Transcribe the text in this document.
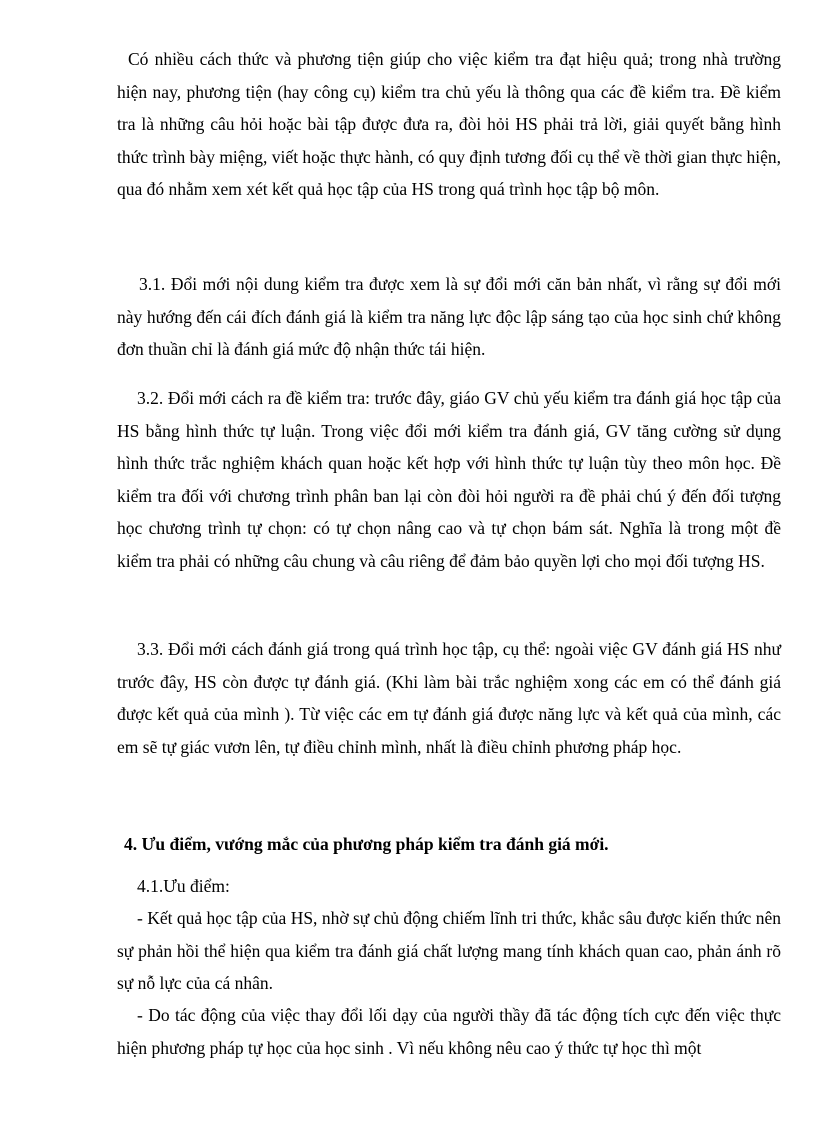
Có nhiều cách thức và phương tiện giúp cho việc kiểm tra đạt hiệu quả; trong nhà trường hiện nay, phương tiện (hay công cụ) kiểm tra chủ yếu là thông qua các đề kiểm tra. Đề kiểm tra là những câu hỏi hoặc bài tập được đưa ra, đòi hỏi HS phải trả lời, giải quyết bằng hình thức trình bày miệng, viết hoặc thực hành, có quy định tương đối cụ thể về thời gian thực hiện, qua đó nhằm xem xét kết quả học tập của HS trong quá trình học tập bộ môn.

3.1. Đổi mới nội dung kiểm tra được xem là sự đổi mới căn bản nhất, vì rằng sự đổi mới này hướng đến cái đích đánh giá là kiểm tra năng lực độc lập sáng tạo của học sinh chứ không đơn thuần chỉ là đánh giá mức độ nhận thức tái hiện.

3.2. Đổi mới cách ra đề kiểm tra: trước đây, giáo GV chủ yếu kiểm tra đánh giá học tập của HS bằng hình thức tự luận. Trong việc đổi mới kiểm tra đánh giá, GV tăng cường sử dụng hình thức trắc nghiệm khách quan hoặc kết hợp với hình thức tự luận tùy theo môn học. Đề kiểm tra đối với chương trình phân ban lại còn đòi hỏi người ra đề phải chú ý đến đối tượng học chương trình tự chọn: có tự chọn nâng cao và tự chọn bám sát. Nghĩa là trong một đề kiểm tra phải có những câu chung và câu riêng để đảm bảo quyền lợi cho mọi đối tượng HS.

3.3. Đổi mới cách đánh giá trong quá trình học tập, cụ thể: ngoài việc GV đánh giá HS như trước đây, HS còn được tự đánh giá. (Khi làm bài trắc nghiệm xong các em có thể đánh giá được kết quả của mình ). Từ việc các em tự đánh giá được năng lực và kết quả của mình, các em sẽ tự giác vươn lên, tự điều chỉnh mình, nhất là điều chỉnh phương pháp học.

4. Ưu điểm, vướng mắc của phương pháp kiểm tra đánh giá mới.

4.1.Ưu điểm:

- Kết quả học tập của HS, nhờ sự chủ động chiếm lĩnh tri thức, khắc sâu được kiến thức nên sự phản hồi thể hiện qua kiểm tra đánh giá chất lượng mang tính khách quan cao, phản ánh rõ sự nỗ lực của cá nhân.

- Do tác động của việc thay đổi lối dạy của người thầy đã tác động tích cực đến việc thực hiện phương pháp tự học của học sinh . Vì nếu không nêu cao ý thức tự học thì một
